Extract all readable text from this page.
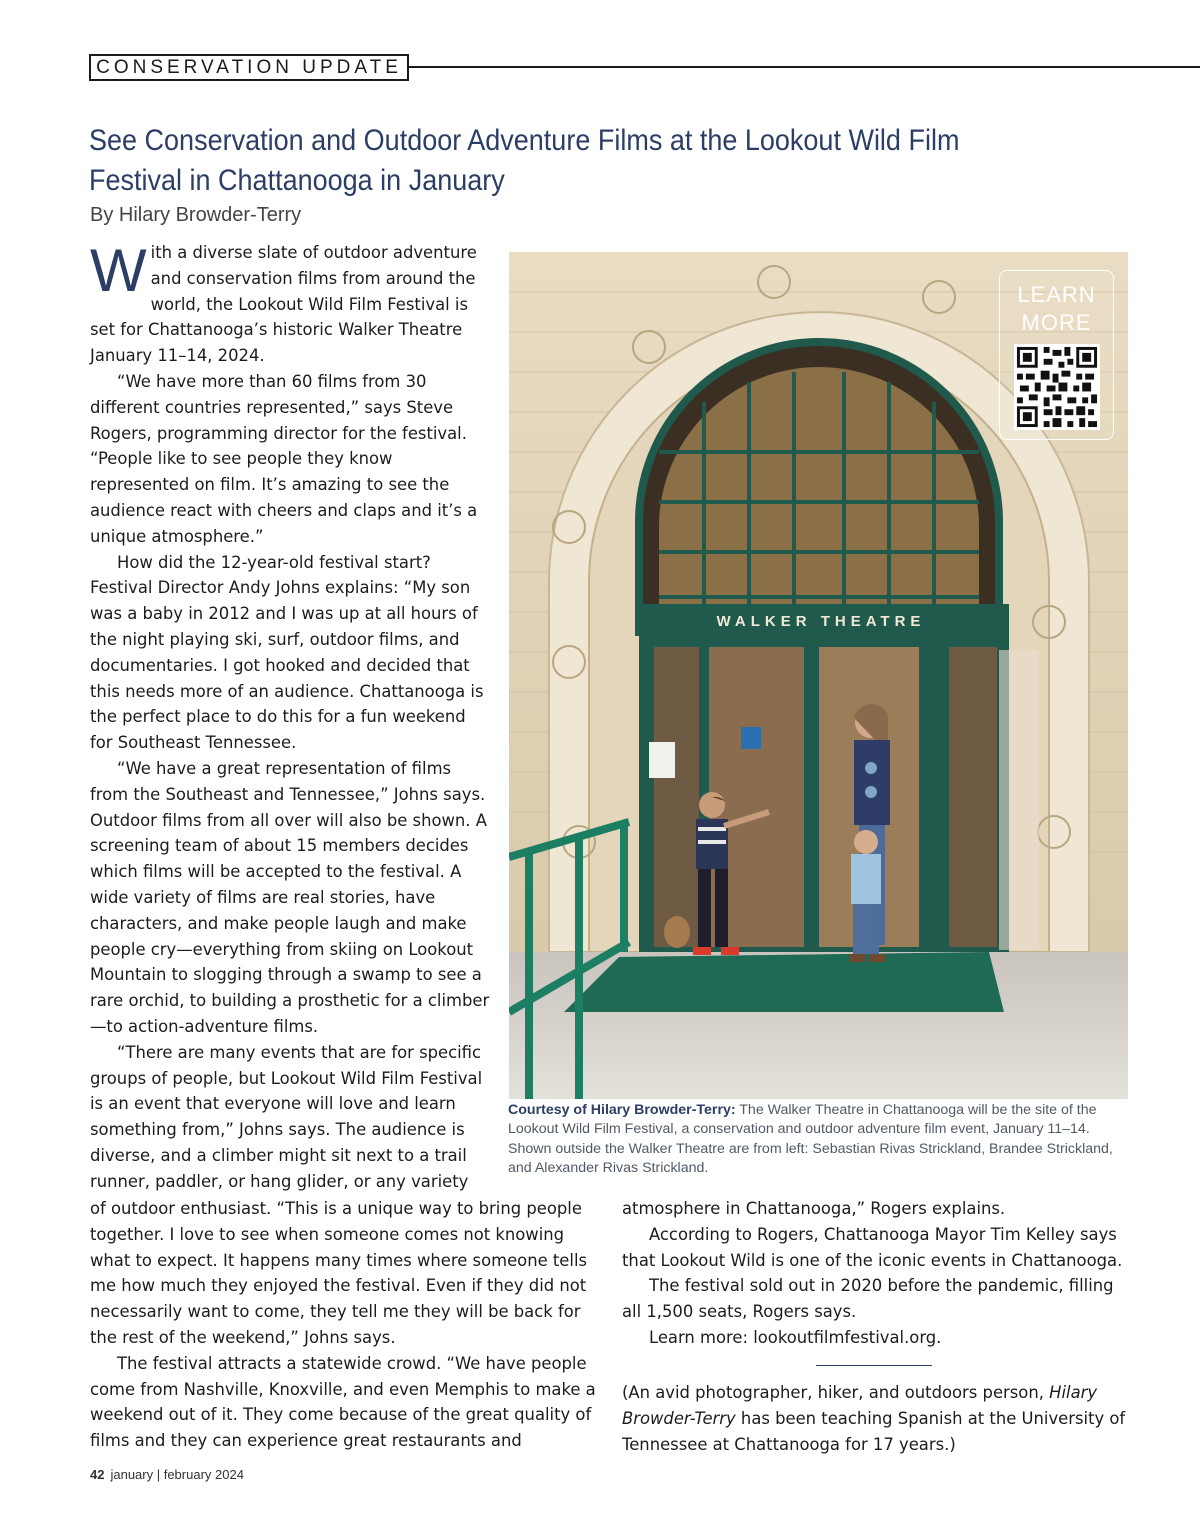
CONSERVATION UPDATE
See Conservation and Outdoor Adventure Films at the Lookout Wild Film Festival in Chattanooga in January

By Hilary Browder-Terry

With a diverse slate of outdoor adventure and conservation films from around the world, the Lookout Wild Film Festival is set for Chattanooga’s historic Walker Theatre January 11–14, 2024.

“We have more than 60 films from 30 different countries represented,” says Steve Rogers, programming director for the festival. “People like to see people they know represented on film. It’s amazing to see the audience react with cheers and claps and it’s a unique atmosphere.”

How did the 12-year-old festival start? Festival Director Andy Johns explains: “My son was a baby in 2012 and I was up at all hours of the night playing ski, surf, outdoor films, and documentaries. I got hooked and decided that this needs more of an audience. Chattanooga is the perfect place to do this for a fun weekend for Southeast Tennessee.

“We have a great representation of films from the Southeast and Tennessee,” Johns says. Outdoor films from all over will also be shown. A screening team of about 15 members decides which films will be accepted to the festival. A wide variety of films are real stories, have characters, and make people laugh and make people cry—everything from skiing on Lookout Mountain to slogging through a swamp to see a rare orchid, to building a prosthetic for a climber—to action-adventure films.

“There are many events that are for specific groups of people, but Lookout Wild Film Festival is an event that everyone will love and learn something from,” Johns says. The audience is diverse, and a climber might sit next to a trail runner, paddler, or hang glider, or any variety

WALKER THEATRE
LEARN
MORE

Courtesy of Hilary Browder-Terry: The Walker Theatre in Chattanooga will be the site of the Lookout Wild Film Festival, a conservation and outdoor adventure film event, January 11–14. Shown outside the Walker Theatre are from left: Sebastian Rivas Strickland, Brandee Strickland, and Alexander Rivas Strickland.

of outdoor enthusiast. “This is a unique way to bring people together. I love to see when someone comes not knowing what to expect. It happens many times where someone tells me how much they enjoyed the festival. Even if they did not necessarily want to come, they tell me they will be back for the rest of the weekend,” Johns says.

The festival attracts a statewide crowd. “We have people come from Nashville, Knoxville, and even Memphis to make a weekend out of it. They come because of the great quality of films and they can experience great restaurants and

atmosphere in Chattanooga,” Rogers explains.

According to Rogers, Chattanooga Mayor Tim Kelley says that Lookout Wild is one of the iconic events in Chattanooga.

The festival sold out in 2020 before the pandemic, filling all 1,500 seats, Rogers says.

Learn more: lookoutfilmfestival.org.

(An avid photographer, hiker, and outdoors person, Hilary Browder-Terry has been teaching Spanish at the University of Tennessee at Chattanooga for 17 years.)

42 january | february 2024
